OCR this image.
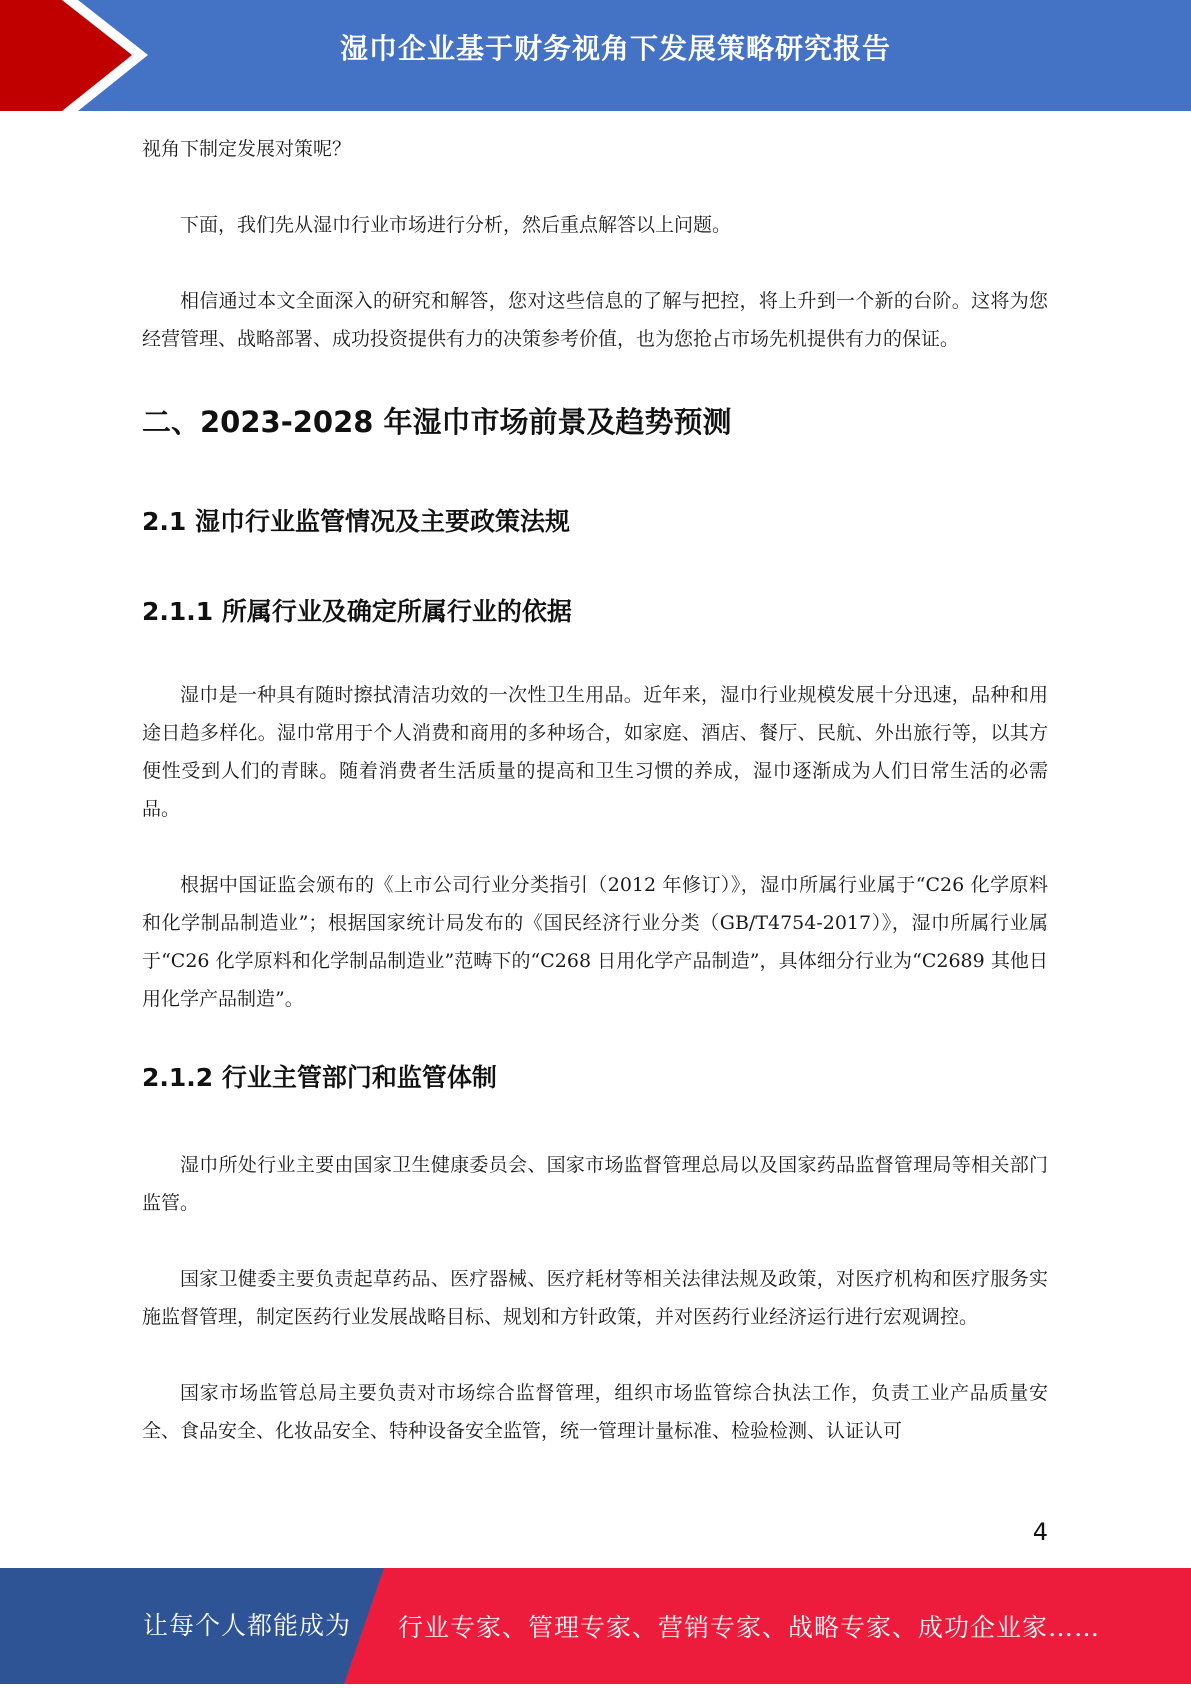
湿巾企业基于财务视角下发展策略研究报告

视角下制定发展对策呢？

下面，我们先从湿巾行业市场进行分析，然后重点解答以上问题。

相信通过本文全面深入的研究和解答，您对这些信息的了解与把控，将上升到一个新的台阶。这将为您经营管理、战略部署、成功投资提供有力的决策参考价值，也为您抢占市场先机提供有力的保证。

二、2023-2028 年湿巾市场前景及趋势预测
2.1 湿巾行业监管情况及主要政策法规
2.1.1 所属行业及确定所属行业的依据

湿巾是一种具有随时擦拭清洁功效的一次性卫生用品。近年来，湿巾行业规模发展十分迅速，品种和用途日趋多样化。湿巾常用于个人消费和商用的多种场合，如家庭、酒店、餐厅、民航、外出旅行等，以其方便性受到人们的青睐。随着消费者生活质量的提高和卫生习惯的养成，湿巾逐渐成为人们日常生活的必需品。

根据中国证监会颁布的《上市公司行业分类指引（2012 年修订）》，湿巾所属行业属于“C26 化学原料和化学制品制造业”；根据国家统计局发布的《国民经济行业分类（GB/T4754-2017）》，湿巾所属行业属于“C26 化学原料和化学制品制造业”范畴下的“C268 日用化学产品制造”，具体细分行业为“C2689 其他日用化学产品制造”。

2.1.2 行业主管部门和监管体制

湿巾所处行业主要由国家卫生健康委员会、国家市场监督管理总局以及国家药品监督管理局等相关部门监管。

国家卫健委主要负责起草药品、医疗器械、医疗耗材等相关法律法规及政策，对医疗机构和医疗服务实施监督管理，制定医药行业发展战略目标、规划和方针政策，并对医药行业经济运行进行宏观调控。

国家市场监管总局主要负责对市场综合监督管理，组织市场监管综合执法工作，负责工业产品质量安全、食品安全、化妆品安全、特种设备安全监管，统一管理计量标准、检验检测、认证认可

4
让每个人都能成为 行业专家、管理专家、营销专家、战略专家、成功企业家……
